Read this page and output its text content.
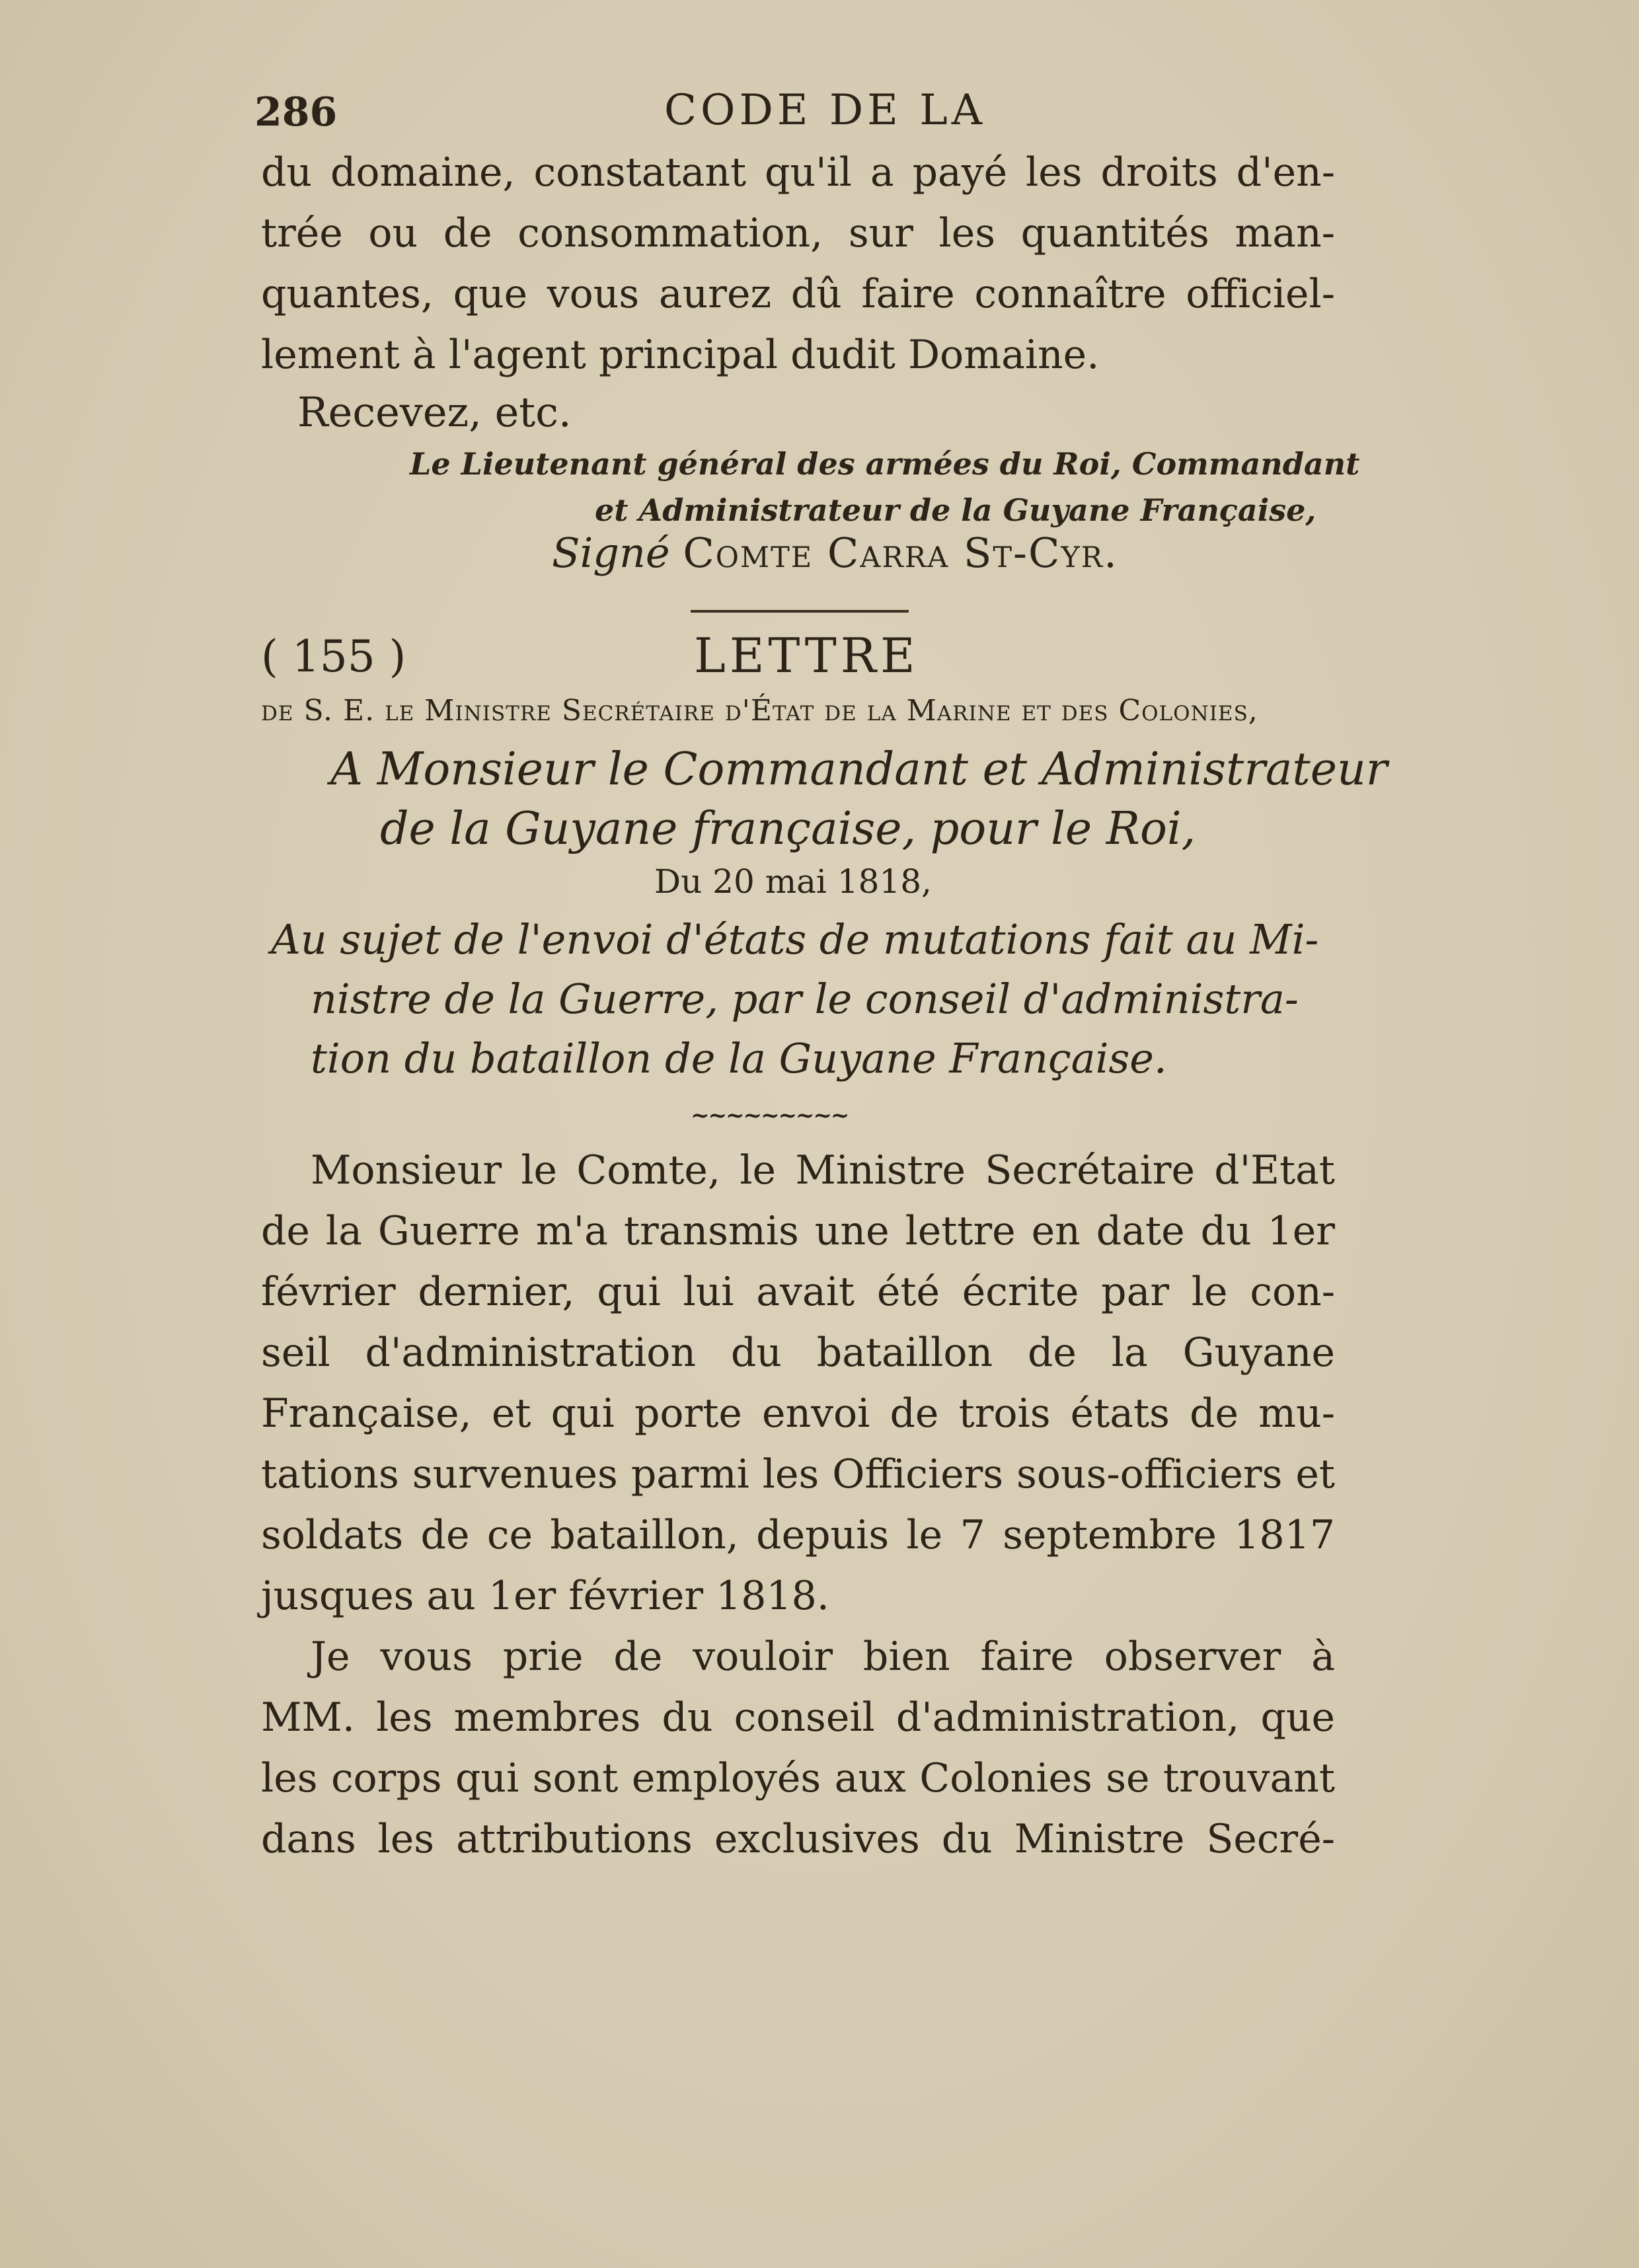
286	CODE DE LA
du domaine, constatant qu'il a payé les droits d'en-
trée ou de consommation, sur les quantités man-
quantes, que vous aurez dû faire connaître officiel-
lement à l'agent principal dudit Domaine.
Recevez, etc.
Le Lieutenant général des armées du Roi, Commandant
et Administrateur de la Guyane Française,
Signé Comte Carra St-Cyr.
( 155 )	LETTRE
de S. E. le Ministre Secrétaire d'État de la Marine et des Colonies,
A Monsieur le Commandant et Administrateur
de la Guyane française, pour le Roi,
Du 20 mai 1818,
Au sujet de l'envoi d'états de mutations fait au Mi-
nistre de la Guerre, par le conseil d'administra-
tion du bataillon de la Guyane Française.
~~~~~~~~~
Monsieur le Comte, le Ministre Secrétaire d'Etat
de la Guerre m'a transmis une lettre en date du 1er
février dernier, qui lui avait été écrite par le con-
seil d'administration du bataillon de la Guyane
Française, et qui porte envoi de trois états de mu-
tations survenues parmi les Officiers sous-officiers et
soldats de ce bataillon, depuis le 7 septembre 1817
jusques au 1er février 1818.
Je vous prie de vouloir bien faire observer à
MM. les membres du conseil d'administration, que
les corps qui sont employés aux Colonies se trouvant
dans les attributions exclusives du Ministre Secré-
